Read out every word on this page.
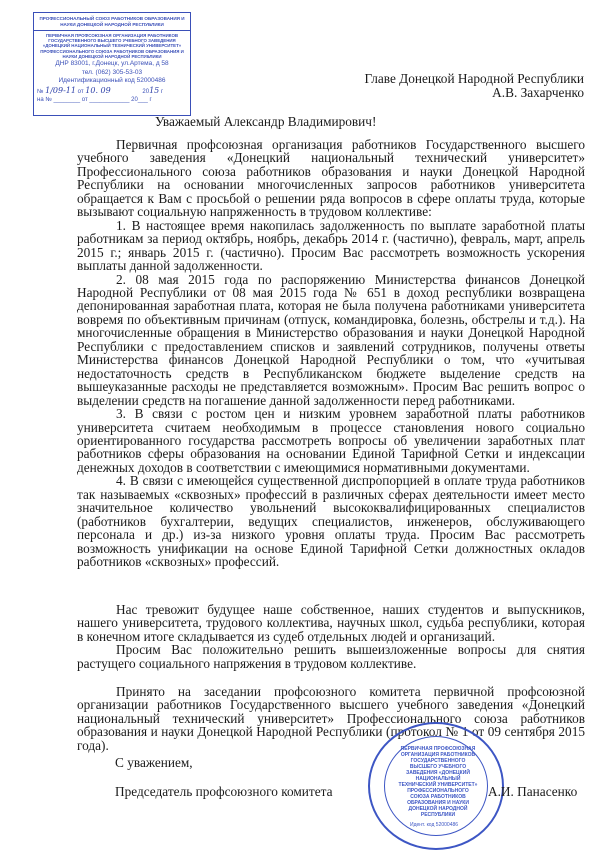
ПРОФЕССИОНАЛЬНЫЙ СОЮЗ РАБОТНИКОВ ОБРАЗОВАНИЯ И НАУКИ ДОНЕЦКОЙ НАРОДНОЙ РЕСПУБЛИКИ
ПЕРВИЧНАЯ ПРОФСОЮЗНАЯ ОРГАНИЗАЦИЯ РАБОТНИКОВ ГОСУДАРСТВЕННОГО ВЫСШЕГО УЧЕБНОГО ЗАВЕДЕНИЯ «ДОНЕЦКИЙ НАЦИОНАЛЬНЫЙ ТЕХНИЧЕСКИЙ УНИВЕРСИТЕТ» ПРОФЕССИОНАЛЬНОГО СОЮЗА РАБОТНИКОВ ОБРАЗОВАНИЯ И НАУКИ ДОНЕЦКОЙ НАРОДНОЙ РЕСПУБЛИКИ
ДНР 83001, г.Донецк, ул.Артема, д 58
тел. (062) 305-53-03
Идентификационный код 52000486
№ 1/09-11 от 10. 09	2015 г
на № ________ от ____________ 20___ г
Главе Донецкой Народной Республики
А.В. Захарченко
Уважаемый Александр Владимирович!

Первичная профсоюзная организация работников Государственного высшего учебного заведения «Донецкий национальный технический университет» Профессионального союза работников образования и науки Донецкой Народной Республики на основании многочисленных запросов работников университета обращается к Вам с просьбой о решении ряда вопросов в сфере оплаты труда, которые вызывают социальную напряженность в трудовом коллективе:

1. В настоящее время накопилась задолженность по выплате заработной платы работникам за период октябрь, ноябрь, декабрь 2014 г. (частично), февраль, март, апрель 2015 г.; январь 2015 г. (частично). Просим Вас рассмотреть возможность ускорения выплаты данной задолженности.

2. 08 мая 2015 года по распоряжению Министерства финансов Донецкой Народной Республики от 08 мая 2015 года № 651 в доход республики возвращена депонированная заработная плата, которая не была получена работниками университета вовремя по объективным причинам (отпуск, командировка, болезнь, обстрелы и т.д.). На многочисленные обращения в Министерство образования и науки Донецкой Народной Республики с предоставлением списков и заявлений сотрудников, получены ответы Министерства финансов Донецкой Народной Республики о том, что «учитывая недостаточность средств в Республиканском бюджете выделение средств на вышеуказанные расходы не представляется возможным». Просим Вас решить вопрос о выделении средств на погашение данной задолженности перед работниками.

3. В связи с ростом цен и низким уровнем заработной платы работников университета считаем необходимым в процессе становления нового социально ориентированного государства рассмотреть вопросы об увеличении заработных плат работников сферы образования на основании Единой Тарифной Сетки и индексации денежных доходов в соответствии с имеющимися нормативными документами.

4. В связи с имеющейся существенной диспропорцией в оплате труда работников так называемых «сквозных» профессий в различных сферах деятельности имеет место значительное количество увольнений высококвалифицированных специалистов (работников бухгалтерии, ведущих специалистов, инженеров, обслуживающего персонала и др.) из-за низкого уровня оплаты труда. Просим Вас рассмотреть возможность унификации на основе Единой Тарифной Сетки должностных окладов работников «сквозных» профессий.

Нас тревожит будущее наше собственное, наших студентов и выпускников, нашего университета, трудового коллектива, научных школ, судьба республики, которая в конечном итоге складывается из судеб отдельных людей и организаций.

Просим Вас положительно решить вышеизложенные вопросы для снятия растущего социального напряжения в трудовом коллективе.

Принято на заседании профсоюзного комитета первичной профсоюзной организации работников Государственного высшего учебного заведения «Донецкий национальный технический университет» Профессионального союза работников образования и науки Донецкой Народной Республики (протокол № 1 от 09 сентября 2015 года).	ПЕРВИЧНАЯ ПРОФСОЮЗНАЯ ОРГАНИЗАЦИЯ РАБОТНИКОВ ГОСУДАРСТВЕННОГО ВЫСШЕГО УЧЕБНОГО ЗАВЕДЕНИЯ «ДОНЕЦКИЙ НАЦИОНАЛЬНЫЙ ТЕХНИЧЕСКИЙ УНИВЕРСИТЕТ» ПРОФЕССИОНАЛЬНОГО СОЮЗА РАБОТНИКОВ ОБРАЗОВАНИЯ И НАУКИ ДОНЕЦКОЙ НАРОДНОЙ РЕСПУБЛИКИ
Идент. код 52000486
С уважением,
Председатель профсоюзного комитета	А.И. Панасенко
